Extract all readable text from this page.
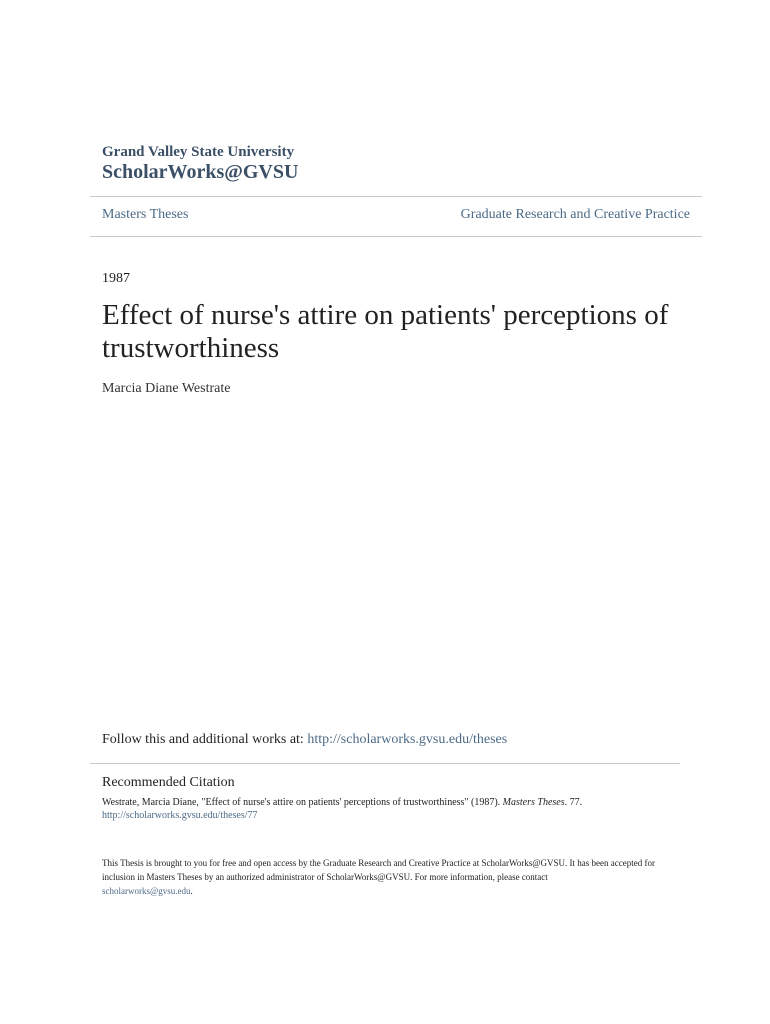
Grand Valley State University
ScholarWorks@GVSU
Masters Theses	Graduate Research and Creative Practice
1987
Effect of nurse's attire on patients' perceptions of trustworthiness
Marcia Diane Westrate
Follow this and additional works at: http://scholarworks.gvsu.edu/theses
Recommended Citation
Westrate, Marcia Diane, "Effect of nurse's attire on patients' perceptions of trustworthiness" (1987). Masters Theses. 77.
http://scholarworks.gvsu.edu/theses/77
This Thesis is brought to you for free and open access by the Graduate Research and Creative Practice at ScholarWorks@GVSU. It has been accepted for inclusion in Masters Theses by an authorized administrator of ScholarWorks@GVSU. For more information, please contact
scholarworks@gvsu.edu.
